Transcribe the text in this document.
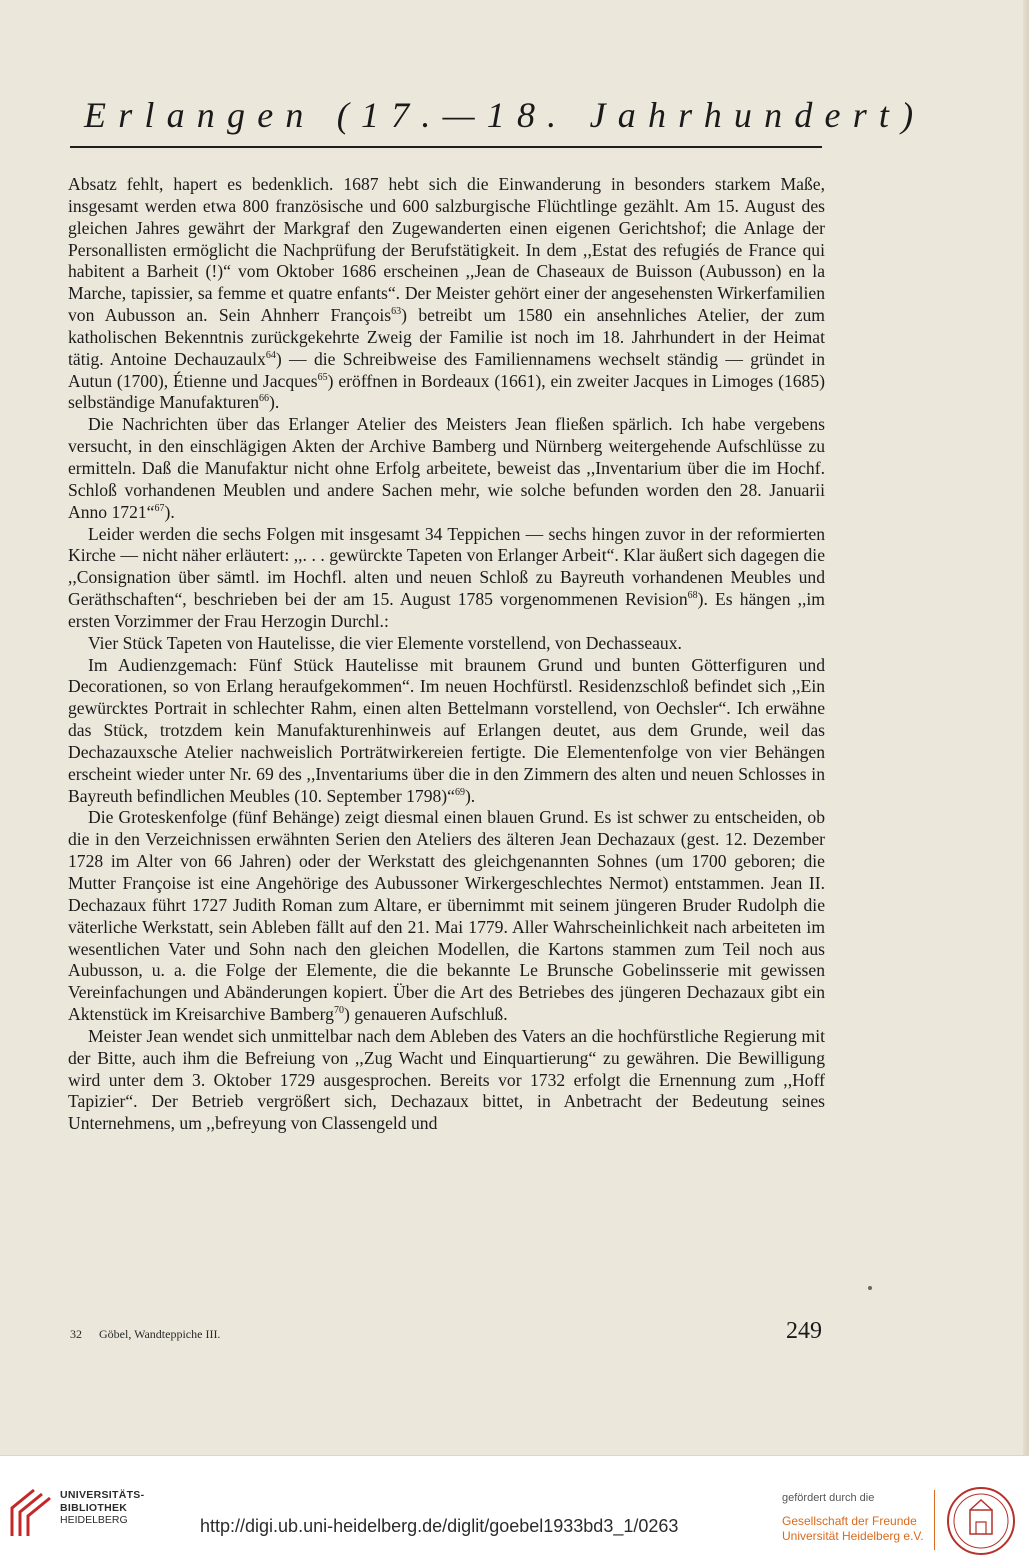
Erlangen (17.—18. Jahrhundert)

Absatz fehlt, hapert es bedenklich. 1687 hebt sich die Einwanderung in besonders starkem Maße, insgesamt werden etwa 800 französische und 600 salzburgische Flüchtlinge gezählt. Am 15. August des gleichen Jahres gewährt der Markgraf den Zugewanderten einen eigenen Gerichtshof; die Anlage der Personallisten ermöglicht die Nachprüfung der Berufstätigkeit. In dem ,,Estat des refugiés de France qui habitent a Barheit (!)“ vom Oktober 1686 erscheinen ,,Jean de Chaseaux de Buisson (Aubusson) en la Marche, tapissier, sa femme et quatre enfants“. Der Meister gehört einer der angesehensten Wirkerfamilien von Aubusson an. Sein Ahnherr François$^{63}$) betreibt um 1580 ein ansehnliches Atelier, der zum katholischen Bekenntnis zurückgekehrte Zweig der Familie ist noch im 18. Jahrhundert in der Heimat tätig. Antoine Dechauzaulx$^{64}$) — die Schreibweise des Familiennamens wechselt ständig — gründet in Autun (1700), Étienne und Jacques$^{65}$) eröffnen in Bordeaux (1661), ein zweiter Jacques in Limoges (1685) selbständige Manufakturen$^{66}$).

Die Nachrichten über das Erlanger Atelier des Meisters Jean fließen spärlich. Ich habe vergebens versucht, in den einschlägigen Akten der Archive Bamberg und Nürnberg weitergehende Aufschlüsse zu ermitteln. Daß die Manufaktur nicht ohne Erfolg arbeitete, beweist das ,,Inventarium über die im Hochf. Schloß vorhandenen Meublen und andere Sachen mehr, wie solche befunden worden den 28. Januarii Anno 1721“$^{67}$).

Leider werden die sechs Folgen mit insgesamt 34 Teppichen — sechs hingen zuvor in der reformierten Kirche — nicht näher erläutert: ,,. . . gewürckte Tapeten von Erlanger Arbeit“. Klar äußert sich dagegen die ,,Consignation über sämtl. im Hochfl. alten und neuen Schloß zu Bayreuth vorhandenen Meubles und Geräthschaften“, beschrieben bei der am 15. August 1785 vorgenommenen Revision$^{68}$). Es hängen ,,im ersten Vorzimmer der Frau Herzogin Durchl.:

Vier Stück Tapeten von Hautelisse, die vier Elemente vorstellend, von Dechasseaux.

Im Audienzgemach: Fünf Stück Hautelisse mit braunem Grund und bunten Götterfiguren und Decorationen, so von Erlang heraufgekommen“. Im neuen Hochfürstl. Residenzschloß befindet sich ,,Ein gewürcktes Portrait in schlechter Rahm, einen alten Bettelmann vorstellend, von Oechsler“. Ich erwähne das Stück, trotzdem kein Manufakturenhinweis auf Erlangen deutet, aus dem Grunde, weil das Dechazauxsche Atelier nachweislich Porträtwirkereien fertigte. Die Elementenfolge von vier Behängen erscheint wieder unter Nr. 69 des ,,Inventariums über die in den Zimmern des alten und neuen Schlosses in Bayreuth befindlichen Meubles (10. September 1798)“$^{69}$).

Die Groteskenfolge (fünf Behänge) zeigt diesmal einen blauen Grund. Es ist schwer zu entscheiden, ob die in den Verzeichnissen erwähnten Serien den Ateliers des älteren Jean Dechazaux (gest. 12. Dezember 1728 im Alter von 66 Jahren) oder der Werkstatt des gleichgenannten Sohnes (um 1700 geboren; die Mutter Françoise ist eine Angehörige des Aubussoner Wirkergeschlechtes Nermot) entstammen. Jean II. Dechazaux führt 1727 Judith Roman zum Altare, er übernimmt mit seinem jüngeren Bruder Rudolph die väterliche Werkstatt, sein Ableben fällt auf den 21. Mai 1779. Aller Wahrscheinlichkeit nach arbeiteten im wesentlichen Vater und Sohn nach den gleichen Modellen, die Kartons stammen zum Teil noch aus Aubusson, u. a. die Folge der Elemente, die die bekannte Le Brunsche Gobelinsserie mit gewissen Vereinfachungen und Abänderungen kopiert. Über die Art des Betriebes des jüngeren Dechazaux gibt ein Aktenstück im Kreisarchive Bamberg$^{70}$) genaueren Aufschluß.

Meister Jean wendet sich unmittelbar nach dem Ableben des Vaters an die hochfürstliche Regierung mit der Bitte, auch ihm die Befreiung von ,,Zug Wacht und Einquartierung“ zu gewähren. Die Bewilligung wird unter dem 3. Oktober 1729 ausgesprochen. Bereits vor 1732 erfolgt die Ernennung zum ,,Hoff Tapizier“. Der Betrieb vergrößert sich, Dechazaux bittet, in Anbetracht der Bedeutung seines Unternehmens, um ,,befreyung von Classengeld und

32 Göbel, Wandteppiche III.	249
UNIVERSITÄTS-
BIBLIOTHEK
HEIDELBERG	http://digi.ub.uni-heidelberg.de/diglit/goebel1933bd3_1/0263
gefördert durch die
Gesellschaft der Freunde
Universität Heidelberg e.V.
